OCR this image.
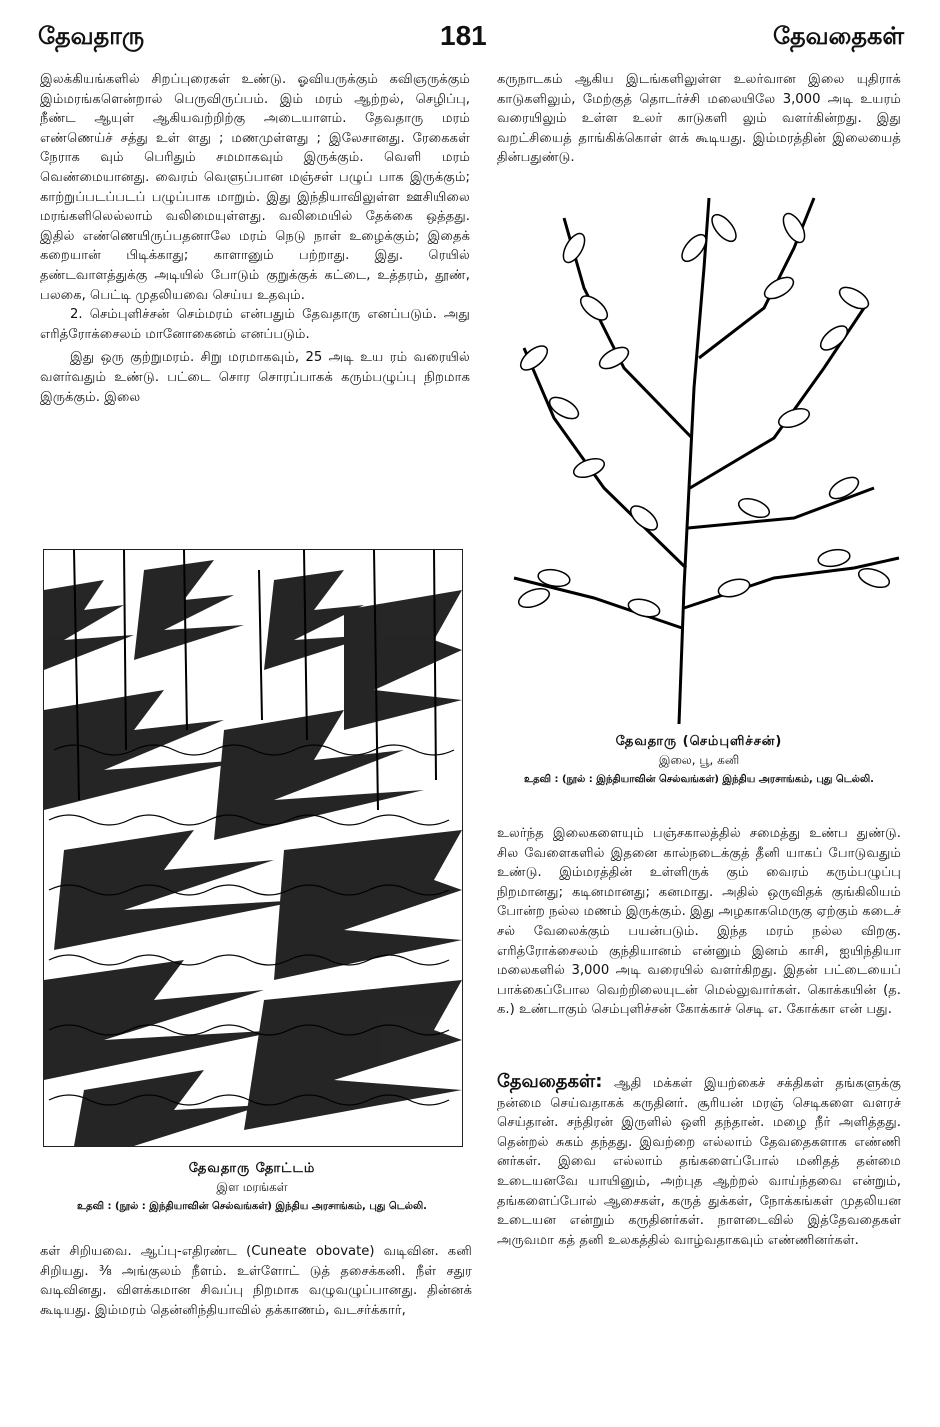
தேவதாரு	181	தேவதைகள்

இலக்கியங்களில் சிறப்புரைகள் உண்டு. ஓவியருக்கும் கவிஞருக்கும் இம்மரங்களென்றால் பெருவிருப்பம். இம் மரம் ஆற்றல், செழிப்பு, நீண்ட ஆயுள் ஆகியவற்றிற்கு அடையாளம். தேவதாரு மரம் எண்ணெய்ச் சத்து உள் ளது ; மணமுள்ளது ; இலேசானது. ரேகைகள் நேராக வும் பெரிதும் சமமாகவும் இருக்கும். வெளி மரம் வெண்மையானது. வைரம் வெளுப்பான மஞ்சள் பழுப் பாக இருக்கும்; காற்றுப்படப்படப் பழுப்பாக மாறும். இது இந்தியாவிலுள்ள ஊசியிலை மரங்களிலெல்லாம் வலிமையுள்ளது. வலிமையில் தேக்கை ஒத்தது. இதில் எண்ணெயிருப்பதனாலே மரம் நெடு நாள் உழைக்கும்; இதைக் கறையான் பிடிக்காது; காளானும் பற்றாது. இது. ரெயில் தண்டவாளத்துக்கு அடியில் போடும் குறுக்குக் கட்டை, உத்தரம், தூண், பலகை, பெட்டி முதலியவை செய்ய உதவும்.

2. செம்புளிச்சன் செம்மரம் என்பதும் தேவதாரு எனப்படும். அது எரித்ரோக்சைலம் மானோகைனம் எனப்படும்.

இது ஒரு குற்றுமரம். சிறு மரமாகவும், 25 அடி உய ரம் வரையில் வளர்வதும் உண்டு. பட்டை சொர சொரப்பாகக் கரும்பழுப்பு நிறமாக இருக்கும். இலை

தேவதாரு தோட்டம்
இள மரங்கள்
உதவி : (நூல் : இந்தியாவின் செல்வங்கள்) இந்திய அரசாங்கம், புது டெல்லி.

கள் சிறியவை. ஆப்பு-எதிரண்ட (Cuneate obovate) வடிவின. கனி சிறியது. ⅜ அங்குலம் நீளம். உள்ளோட் டுத் தசைக்கனி. நீள் சதுர வடிவினது. விளக்கமான சிவப்பு நிறமாக வழுவழுப்பானது. தின்னக் கூடியது. இம்மரம் தென்னிந்தியாவில் தக்காணம், வடசர்க்கார்,

கருநாடகம் ஆகிய இடங்களிலுள்ள உலர்வான இலை யுதிராக் காடுகளிலும், மேற்குத் தொடர்ச்சி மலையிலே 3,000 அடி உயரம் வரையிலும் உள்ள உலர் காடுகளி லும் வளர்கின்றது. இது வறட்சியைத் தாங்கிக்கொள் ளக் கூடியது. இம்மரத்தின் இலையைத் தின்பதுண்டு.

தேவதாரு (செம்புளிச்சன்)
இலை, பூ, கனி
உதவி : (நூல் : இந்தியாவின் செல்வங்கள்) இந்திய அரசாங்கம், புது டெல்லி.

உலர்ந்த இலைகளையும் பஞ்சகாலத்தில் சமைத்து உண்ப துண்டு. சில வேளைகளில் இதனை கால்நடைக்குத் தீனி யாகப் போடுவதும் உண்டு. இம்மரத்தின் உள்ளிருக் கும் வைரம் கரும்பழுப்பு நிறமானது; கடினமானது; கனமாது. அதில் ஒருவிதக் குங்கிலியம் போன்ற நல்ல மணம் இருக்கும். இது அழகாகமெருகு ஏற்கும் கடைச் சல் வேலைக்கும் பயன்படும். இந்த மரம் நல்ல விறகு. எரித்ரோக்சைலம் குந்தியானம் என்னும் இனம் காசி, ஐயிந்தியா மலைகளில் 3,000 அடி வரையில் வளர்கிறது. இதன் பட்டையைப் பாக்கைப்போல வெற்றிலையுடன் மெல்லுவார்கள். கொக்கயின் (த. க.) உண்டாகும் செம்புளிச்சன் கோக்காச் செடி எ. கோக்கா என் பது.

தேவதைகள்: ஆதி மக்கள் இயற்கைச் சக்திகள் தங்களுக்கு நன்மை செய்வதாகக் கருதினர். சூரியன் மரஞ் செடிகளை வளரச் செய்தான். சந்திரன் இருளில் ஒளி தந்தான். மழை நீர் அளித்தது. தென்றல் சுகம் தந்தது. இவற்றை எல்லாம் தேவதைகளாக எண்ணி னர்கள். இவை எல்லாம் தங்களைப்போல் மனிதத் தன்மை உடையனவே யாயினும், அற்புத ஆற்றல் வாய்ந்தவை என்றும், தங்களைப்போல் ஆசைகள், கருத் துக்கள், நோக்கங்கள் முதலியன உடையன என்றும் கருதினர்கள். நாளடைவில் இத்தேவதைகள் அருவமா கத் தனி உலகத்தில் வாழ்வதாகவும் எண்ணினர்கள்.
